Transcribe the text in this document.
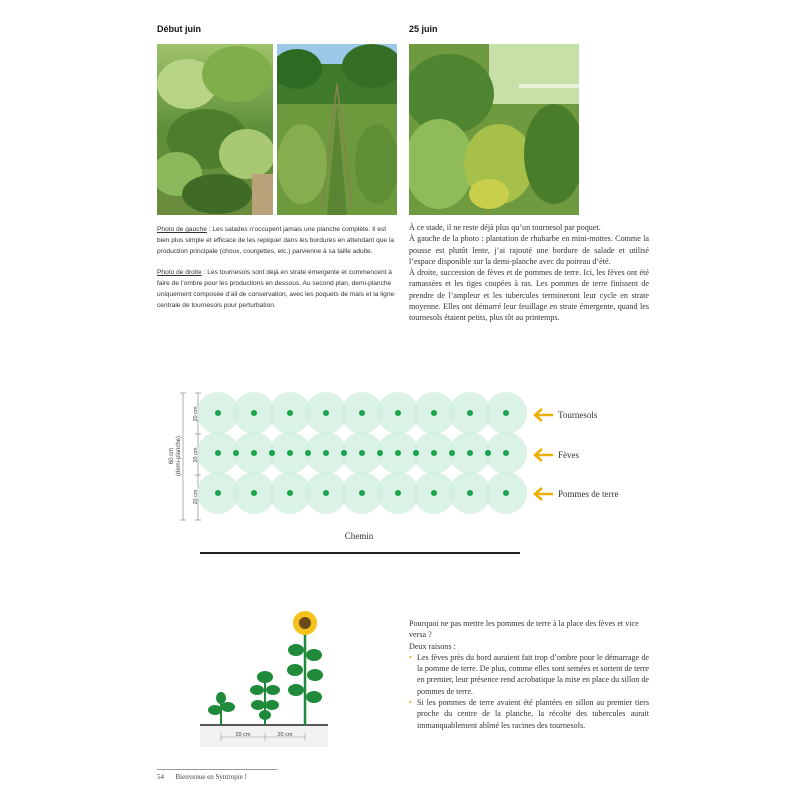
Début juin	25 juin

Photo de gauche : Les salades n’occupent jamais une planche complète. Il est bien plus simple et efficace de les repiquer dans les bordures en attendant que la production principale (choux, courgettes, etc.) parvienne à sa taille adulte.

Photo de droite : Les tournesols sont déjà en strate émergente et commencent à faire de l’ombre pour les productions en dessous. Au second plan, demi-planche uniquement composée d’ail de conservation, avec les poquets de maïs et la ligne centrale de tournesols pour perturbation.

À ce stade, il ne reste déjà plus qu’un tournesol par poquet.

À gauche de la photo : plantation de rhubarbe en mini-mottes. Comme la pousse est plutôt lente, j’ai rajouté une bordure de salade et utilisé l’espace disponible sur la demi-planche avec du poireau d’été.

À droite, succession de fèves et de pommes de terre. Ici, les fèves ont été ramassées et les tiges coupées à ras. Les pommes de terre finissent de prendre de l’ampleur et les tubercules termineront leur cycle en strate moyenne. Elles ont démarré leur feuillage en strate émergente, quand les tournesols étaient petits, plus tôt au printemps.

20 cm
20 cm
20 cm
60 cm (demi-planche)
Tournesols
Fèves
Pommes de terre
Chemin
20 cm	20 cm

Pourquoi ne pas mettre les pommes de terre à la place des fèves et vice versa ?

Deux raisons :

• Les fèves près du bord auraient fait trop d’ombre pour le démarrage de la pomme de terre. De plus, comme elles sont semées et sortent de terre en premier, leur présence rend acrobatique la mise en place du sillon de pommes de terre.
• Si les pommes de terre avaient été plantées en sillon au premier tiers proche du centre de la planche, la récolte des tubercules aurait immanquablement abîmé les racines des tournesols.
54 Bienvenue en Syntropie !
